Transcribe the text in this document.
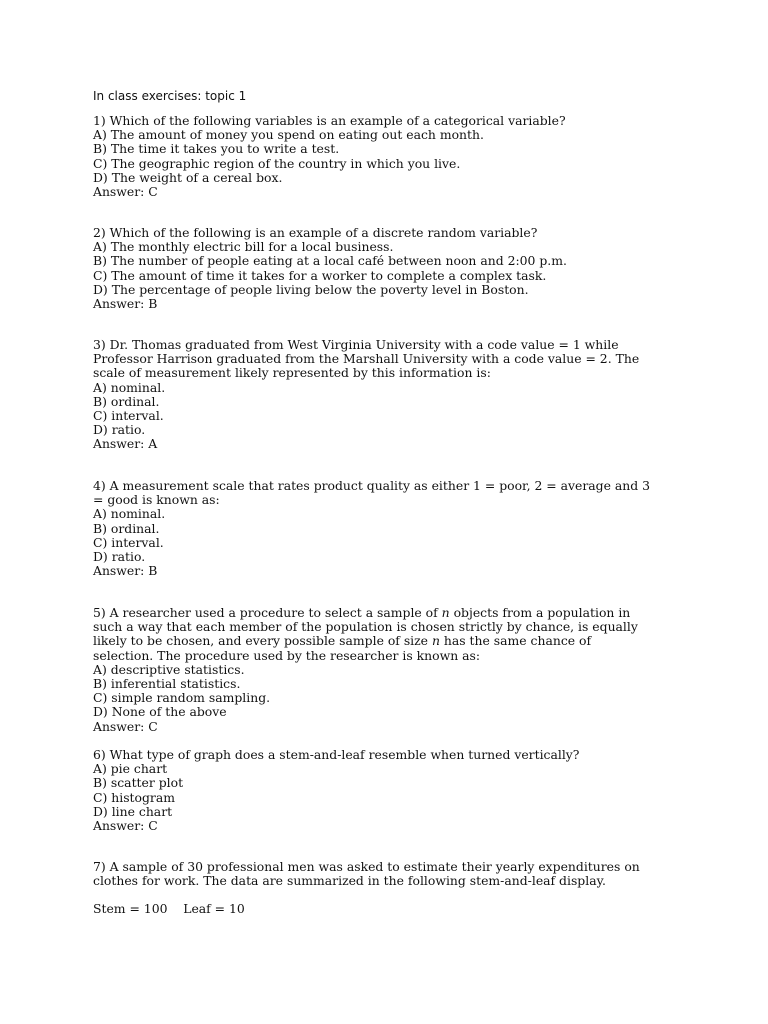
In class exercises: topic 1
1) Which of the following variables is an example of a categorical variable?
A) The amount of money you spend on eating out each month.
B) The time it takes you to write a test.
C) The geographic region of the country in which you live.
D) The weight of a cereal box.
Answer: C
2) Which of the following is an example of a discrete random variable?
A) The monthly electric bill for a local business.
B) The number of people eating at a local café between noon and 2:00 p.m.
C) The amount of time it takes for a worker to complete a complex task.
D) The percentage of people living below the poverty level in Boston.
Answer: B
3) Dr. Thomas graduated from West Virginia University with a code value = 1 while
Professor Harrison graduated from the Marshall University with a code value = 2. The
scale of measurement likely represented by this information is:
A) nominal.
B) ordinal.
C) interval.
D) ratio.
Answer: A
4) A measurement scale that rates product quality as either 1 = poor, 2 = average and 3
= good is known as:
A) nominal.
B) ordinal.
C) interval.
D) ratio.
Answer: B
5) A researcher used a procedure to select a sample of n objects from a population in
such a way that each member of the population is chosen strictly by chance, is equally
likely to be chosen, and every possible sample of size n has the same chance of
selection. The procedure used by the researcher is known as:
A) descriptive statistics.
B) inferential statistics.
C) simple random sampling.
D) None of the above
Answer: C
6) What type of graph does a stem-and-leaf resemble when turned vertically?
A) pie chart
B) scatter plot
C) histogram
D) line chart
Answer: C
7) A sample of 30 professional men was asked to estimate their yearly expenditures on
clothes for work. The data are summarized in the following stem-and-leaf display.
Stem = 100    Leaf = 10
